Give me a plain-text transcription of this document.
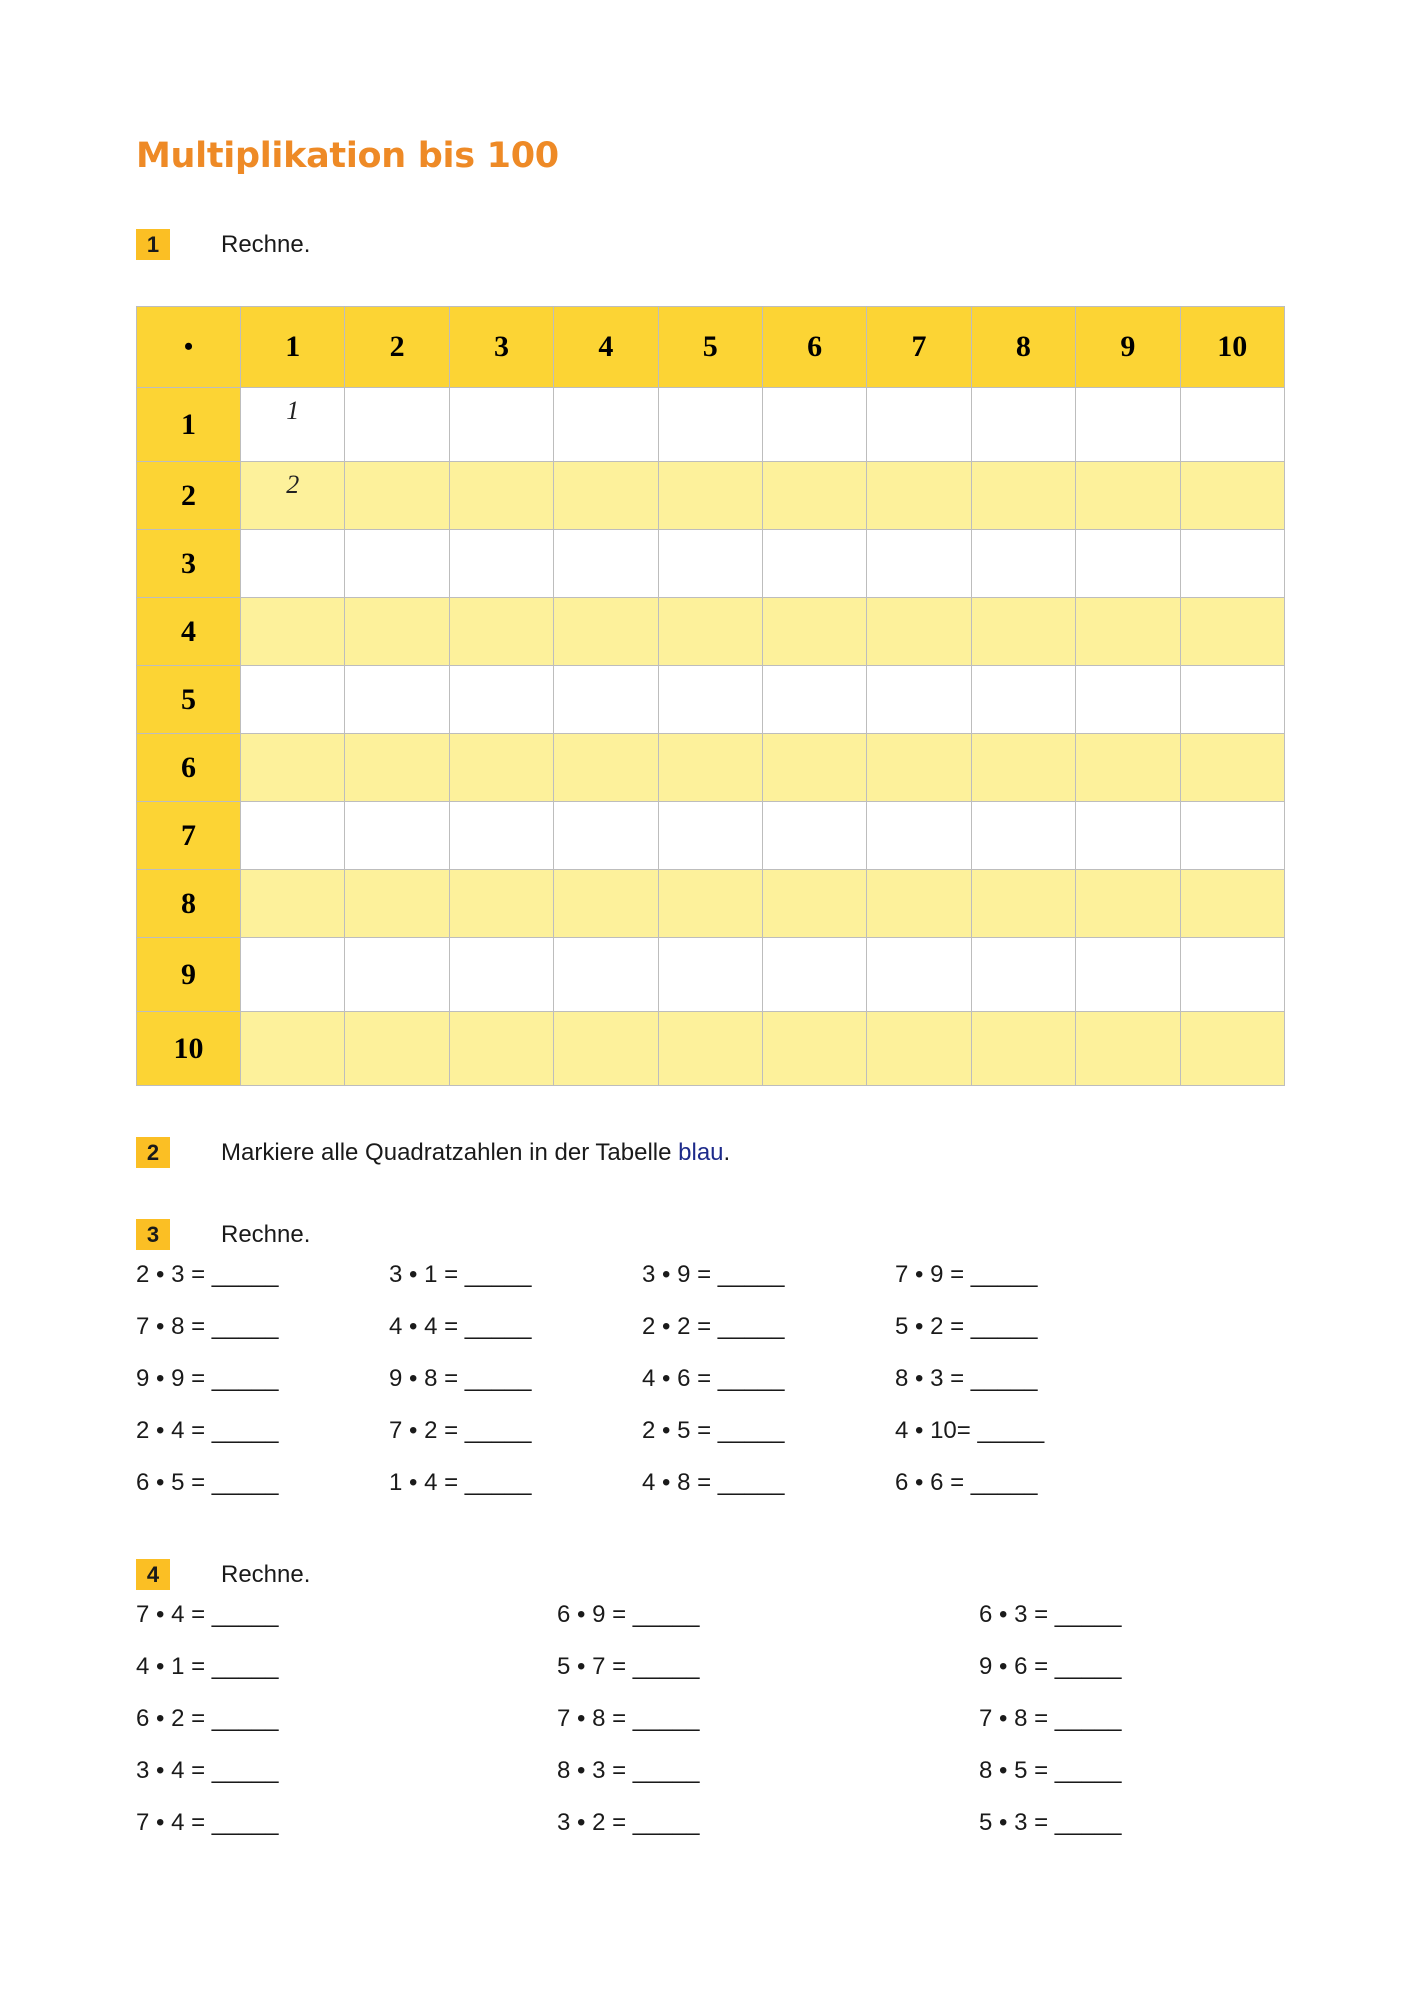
Multiplikation bis 100
1	Rechne.
•	1	2	3	4	5	6	7	8	9	10
1	1									
2	2									
3										
4										
5										
6										
7										
8										
9										
10										
2	Markiere alle Quadratzahlen in der Tabelle blau.
3	Rechne.
2 • 3 = _____	3 • 1 = _____	3 • 9 = _____	7 • 9 = _____
7 • 8 = _____	4 • 4 = _____	2 • 2 = _____	5 • 2 = _____
9 • 9 = _____	9 • 8 = _____	4 • 6 = _____	8 • 3 = _____
2 • 4 = _____	7 • 2 = _____	2 • 5 = _____	4 • 10= _____
6 • 5 = _____	1 • 4 = _____	4 • 8 = _____	6 • 6 = _____
4	Rechne.
7 • 4 = _____	6 • 9 = _____	6 • 3 = _____
4 • 1 = _____	5 • 7 = _____	9 • 6 = _____
6 • 2 = _____	7 • 8 = _____	7 • 8 = _____
3 • 4 = _____	8 • 3 = _____	8 • 5 = _____
7 • 4 = _____	3 • 2 = _____	5 • 3 = _____
